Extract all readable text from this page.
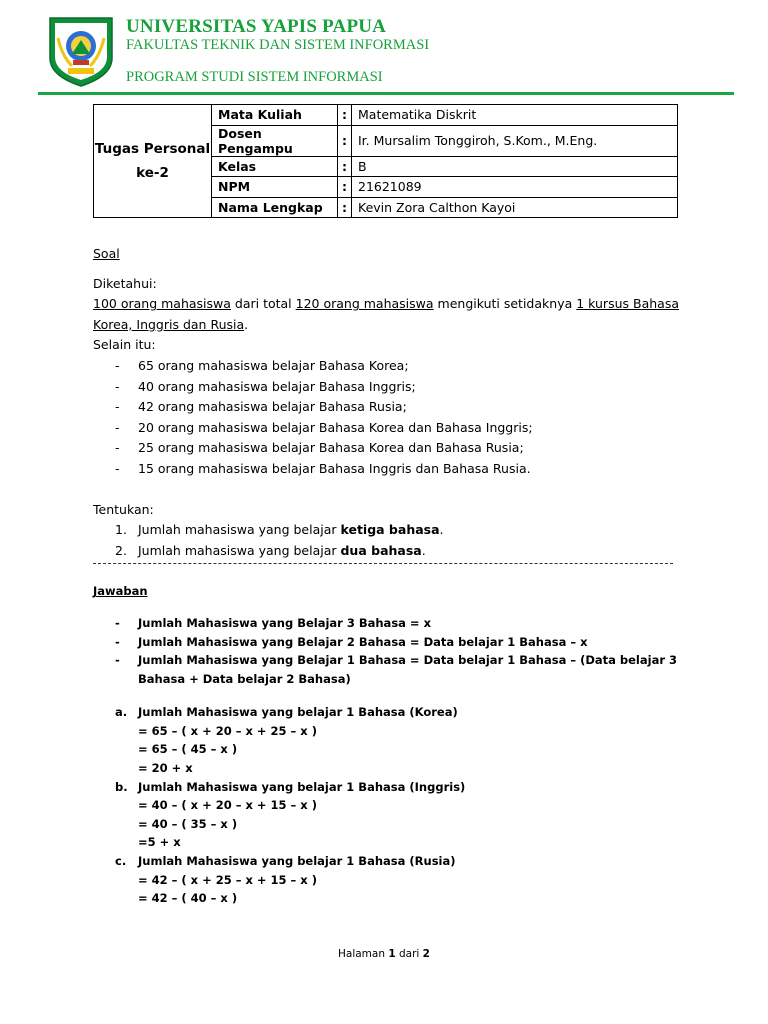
UNIVERSITAS YAPIS PAPUA
FAKULTAS TEKNIK DAN SISTEM INFORMASI
PROGRAM STUDI SISTEM INFORMASI
Tugas Personal
ke-2	Mata Kuliah	:	Matematika Diskrit
	Dosen Pengampu	:	Ir. Mursalim Tonggiroh, S.Kom., M.Eng.
	Kelas	:	B
	NPM	:	21621089
	Nama Lengkap	:	Kevin Zora Calthon Kayoi

Soal

Diketahui:

100 orang mahasiswa dari total 120 orang mahasiswa mengikuti setidaknya 1 kursus Bahasa Korea, Inggris dan Rusia.

Selain itu:

- 65 orang mahasiswa belajar Bahasa Korea;
- 40 orang mahasiswa belajar Bahasa Inggris;
- 42 orang mahasiswa belajar Bahasa Rusia;
- 20 orang mahasiswa belajar Bahasa Korea dan Bahasa Inggris;
- 25 orang mahasiswa belajar Bahasa Korea dan Bahasa Rusia;
- 15 orang mahasiswa belajar Bahasa Inggris dan Bahasa Rusia.

Tentukan:

1. Jumlah mahasiswa yang belajar ketiga bahasa.
2. Jumlah mahasiswa yang belajar dua bahasa.

Jawaban

- Jumlah Mahasiswa yang Belajar 3 Bahasa = x
- Jumlah Mahasiswa yang Belajar 2 Bahasa = Data belajar 1 Bahasa – x
- Jumlah Mahasiswa yang Belajar 1 Bahasa = Data belajar 1 Bahasa – (Data belajar 3 Bahasa + Data belajar 2 Bahasa)
a. Jumlah Mahasiswa yang belajar 1 Bahasa (Korea)
= 65 – ( x + 20 – x + 25 – x )
= 65 – ( 45 – x )
= 20 + x
b. Jumlah Mahasiswa yang belajar 1 Bahasa (Inggris)
= 40 – ( x + 20 – x + 15 – x )
= 40 – ( 35 – x )
=5 + x
c. Jumlah Mahasiswa yang belajar 1 Bahasa (Rusia)
= 42 – ( x + 25 – x + 15 – x )
= 42 – ( 40 – x )
Halaman 1 dari 2
